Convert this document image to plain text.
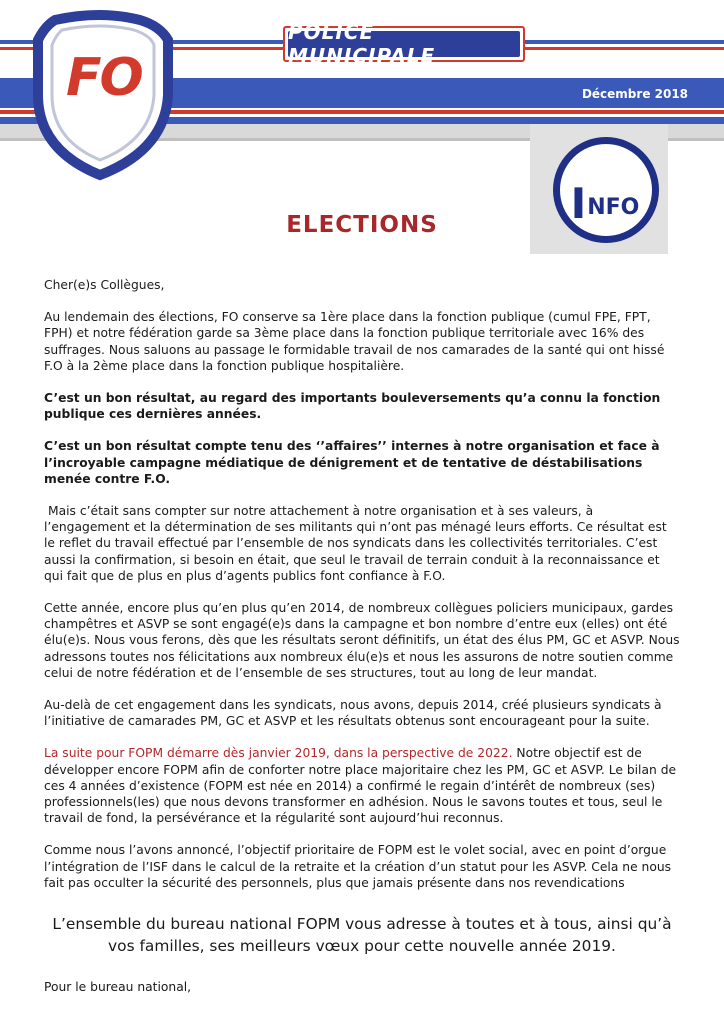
FO
POLICE MUNICIPALE
Décembre 2018
I NFO
ELECTIONS

Cher(e)s Collègues,

Au lendemain des élections, FO conserve sa 1ère place dans la fonction publique (cumul FPE, FPT, FPH) et notre fédération garde sa 3ème place dans la fonction publique territoriale avec 16% des suffrages. Nous saluons au passage le formidable travail de nos camarades de la santé qui ont hissé F.O à la 2ème place dans la fonction publique hospitalière.

C’est un bon résultat, au regard des importants bouleversements qu’a connu la fonction publique ces dernières années.

C’est un bon résultat compte tenu des ‘’affaires’’ internes à notre organisation et face à l’incroyable campagne médiatique de dénigrement et de tentative de déstabilisations menée contre F.O.

Mais c’était sans compter sur notre attachement à notre organisation et à ses valeurs, à l’engagement et la détermination de ses militants qui n’ont pas ménagé leurs efforts. Ce résultat est le reflet du travail effectué par l’ensemble de nos syndicats dans les collectivités territoriales. C’est aussi la confirmation, si besoin en était, que seul le travail de terrain conduit à la reconnaissance et qui fait que de plus en plus d’agents publics font confiance à F.O.

Cette année, encore plus qu’en plus qu’en 2014, de nombreux collègues policiers municipaux, gardes champêtres et ASVP se sont engagé(e)s dans la campagne et bon nombre d’entre eux (elles) ont été élu(e)s. Nous vous ferons, dès que les résultats seront définitifs, un état des élus PM, GC et ASVP. Nous adressons toutes nos félicitations aux nombreux élu(e)s et nous les assurons de notre soutien comme celui de notre fédération et de l’ensemble de ses structures, tout au long de leur mandat.

Au-delà de cet engagement dans les syndicats, nous avons, depuis 2014, créé plusieurs syndicats à l’initiative de camarades PM, GC et ASVP et les résultats obtenus sont encourageant pour la suite.

La suite pour FOPM démarre dès janvier 2019, dans la perspective de 2022. Notre objectif est de développer encore FOPM afin de conforter notre place majoritaire chez les PM, GC et ASVP. Le bilan de ces 4 années d’existence (FOPM est née en 2014) a confirmé le regain d’intérêt de nombreux (ses) professionnels(les) que nous devons transformer en adhésion. Nous le savons toutes et tous, seul le travail de fond, la persévérance et la régularité sont aujourd’hui reconnus.

Comme nous l’avons annoncé, l’objectif prioritaire de FOPM est le volet social, avec en point d’orgue l’intégration de l’ISF dans le calcul de la retraite et la création d’un statut pour les ASVP. Cela ne nous fait pas occulter la sécurité des personnels, plus que jamais présente dans nos revendications

L’ensemble du bureau national FOPM vous adresse à toutes et à tous, ainsi qu’à vos familles, ses meilleurs vœux pour cette nouvelle année 2019.

Pour le bureau national,
